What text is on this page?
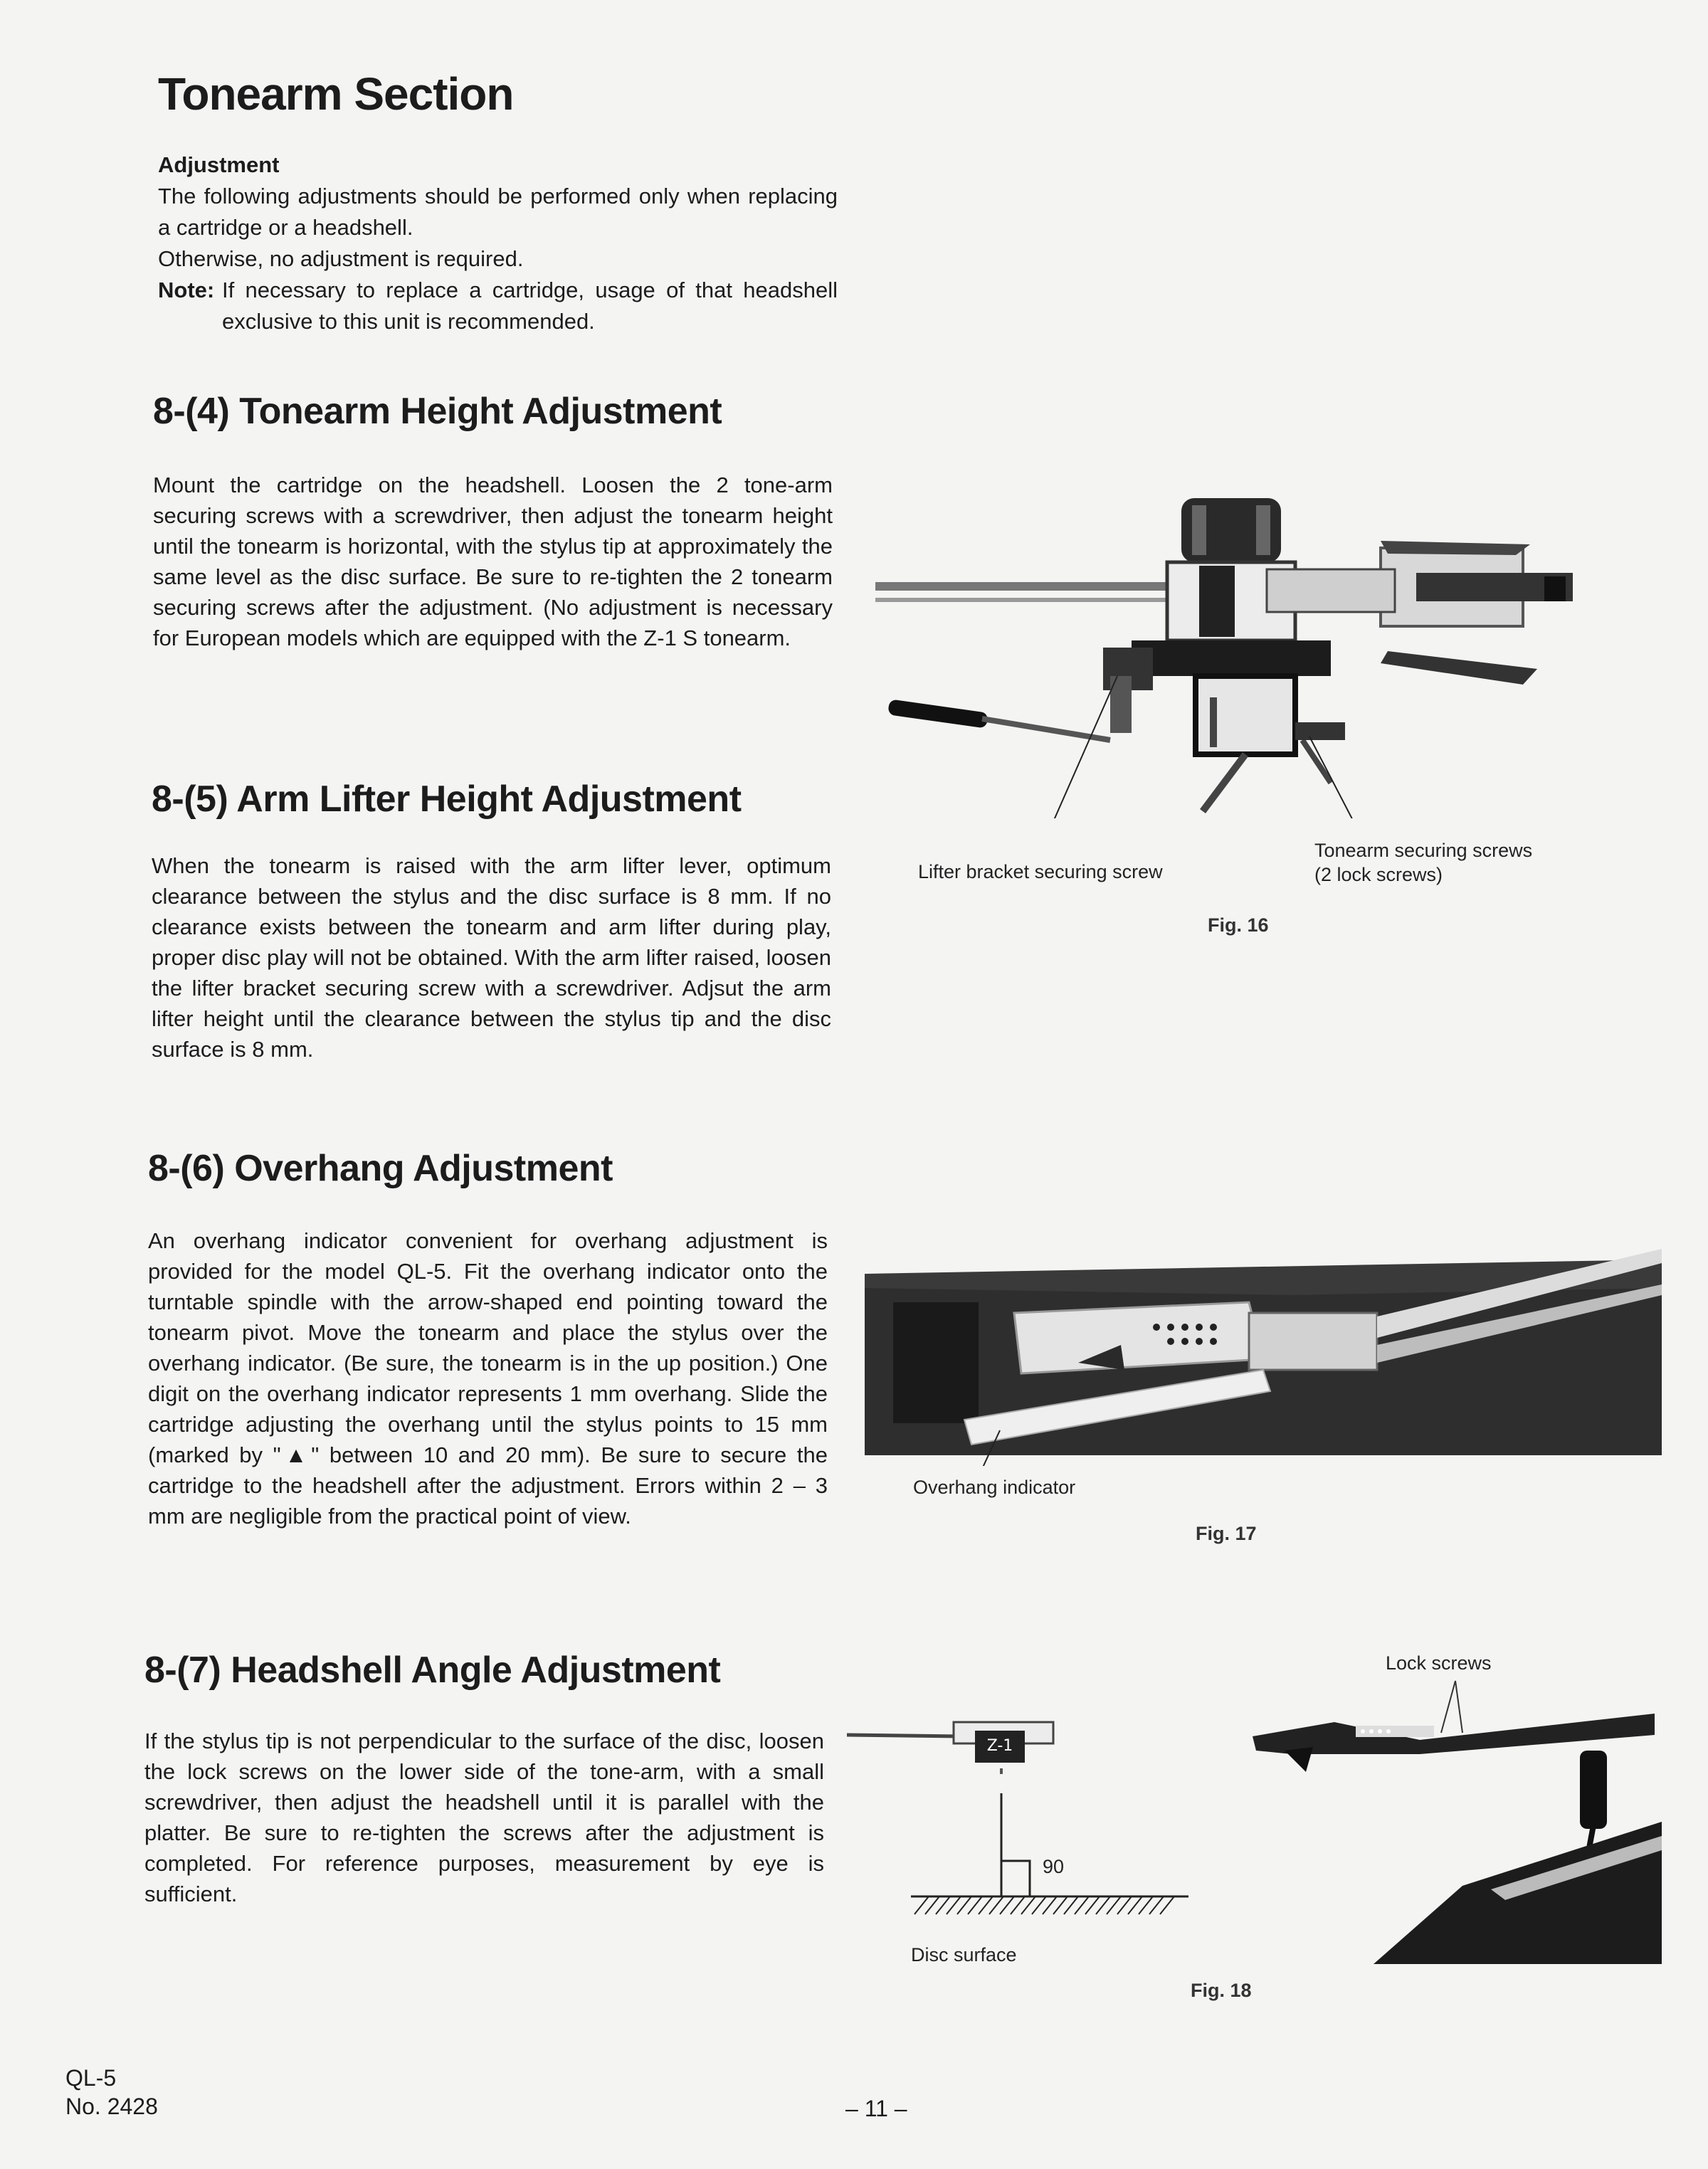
Tonearm Section
Adjustment
The following adjustments should be performed only when replacing a cartridge or a headshell.
Otherwise, no adjustment is required.
Note: If necessary to replace a cartridge, usage of that headshell exclusive to this unit is recommended.
8-(4) Tonearm Height Adjustment
Mount the cartridge on the headshell. Loosen the 2 tone-arm securing screws with a screwdriver, then adjust the tonearm height until the tonearm is horizontal, with the stylus tip at approximately the same level as the disc surface. Be sure to re-tighten the 2 tonearm securing screws after the adjustment. (No adjustment is necessary for European models which are equipped with the Z-1 S tonearm.
8-(5) Arm Lifter Height Adjustment
When the tonearm is raised with the arm lifter lever, optimum clearance between the stylus and the disc surface is 8 mm. If no clearance exists between the tonearm and arm lifter during play, proper disc play will not be obtained. With the arm lifter raised, loosen the lifter bracket securing screw with a screwdriver. Adjsut the arm lifter height until the clearance between the stylus tip and the disc surface is 8 mm.
8-(6) Overhang Adjustment
An overhang indicator convenient for overhang adjustment is provided for the model QL-5. Fit the overhang indicator onto the turntable spindle with the arrow-shaped end pointing toward the tonearm pivot. Move the tonearm and place the stylus over the overhang indicator. (Be sure, the tonearm is in the up position.) One digit on the overhang indicator represents 1 mm overhang. Slide the cartridge adjusting the overhang until the stylus points to 15 mm (marked by "▲" between 10 and 20 mm). Be sure to secure the cartridge to the headshell after the adjustment. Errors within 2 – 3 mm are negligible from the practical point of view.
8-(7) Headshell Angle Adjustment
If the stylus tip is not perpendicular to the surface of the disc, loosen the lock screws on the lower side of the tone-arm, with a small screwdriver, then adjust the headshell until it is parallel with the platter. Be sure to re-tighten the screws after the adjustment is completed. For reference purposes, measurement by eye is sufficient.
Lifter bracket securing screw
Tonearm securing screws
(2 lock screws)
Fig. 16
Overhang indicator
Fig. 17
Z-1
90
Disc surface
Lock screws
Fig. 18
QL-5
No. 2428	– 11 –
